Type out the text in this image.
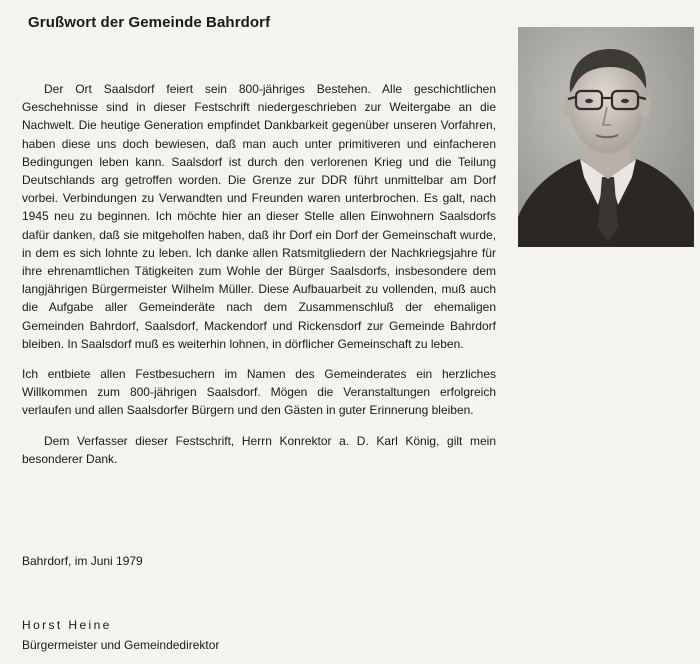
Grußwort der Gemeinde Bahrdorf

Der Ort Saalsdorf feiert sein 800-jähriges Bestehen. Alle geschichtlichen Geschehnisse sind in dieser Festschrift niedergeschrieben zur Weitergabe an die Nachwelt. Die heutige Generation empfindet Dankbarkeit gegenüber unseren Vorfahren, haben diese uns doch bewiesen, daß man auch unter primitiveren und einfacheren Bedingungen leben kann. Saalsdorf ist durch den verlorenen Krieg und die Teilung Deutschlands arg getroffen worden. Die Grenze zur DDR führt unmittelbar am Dorf vorbei. Verbindungen zu Verwandten und Freunden waren unterbrochen. Es galt, nach 1945 neu zu beginnen. Ich möchte hier an dieser Stelle allen Einwohnern Saalsdorfs dafür danken, daß sie mitgeholfen haben, daß ihr Dorf ein Dorf der Gemeinschaft wurde, in dem es sich lohnte zu leben. Ich danke allen Ratsmitgliedern der Nachkriegsjahre für ihre ehrenamtlichen Tätigkeiten zum Wohle der Bürger Saalsdorfs, insbesondere dem langjährigen Bürgermeister Wilhelm Müller. Diese Aufbauarbeit zu vollenden, muß auch die Aufgabe aller Gemeinderäte nach dem Zusammenschluß der ehemaligen Gemeinden Bahrdorf, Saalsdorf, Mackendorf und Rickensdorf zur Gemeinde Bahrdorf bleiben. In Saalsdorf muß es weiterhin lohnen, in dörflicher Gemeinschaft zu leben.

Ich entbiete allen Festbesuchern im Namen des Gemeinderates ein herzliches Willkommen zum 800-jährigen Saalsdorf. Mögen die Veranstaltungen erfolgreich verlaufen und allen Saalsdorfer Bürgern und den Gästen in guter Erinnerung bleiben.

Dem Verfasser dieser Festschrift, Herrn Konrektor a. D. Karl König, gilt mein besonderer Dank.

Bahrdorf, im Juni 1979
Horst Heine
Bürgermeister und Gemeindedirektor
